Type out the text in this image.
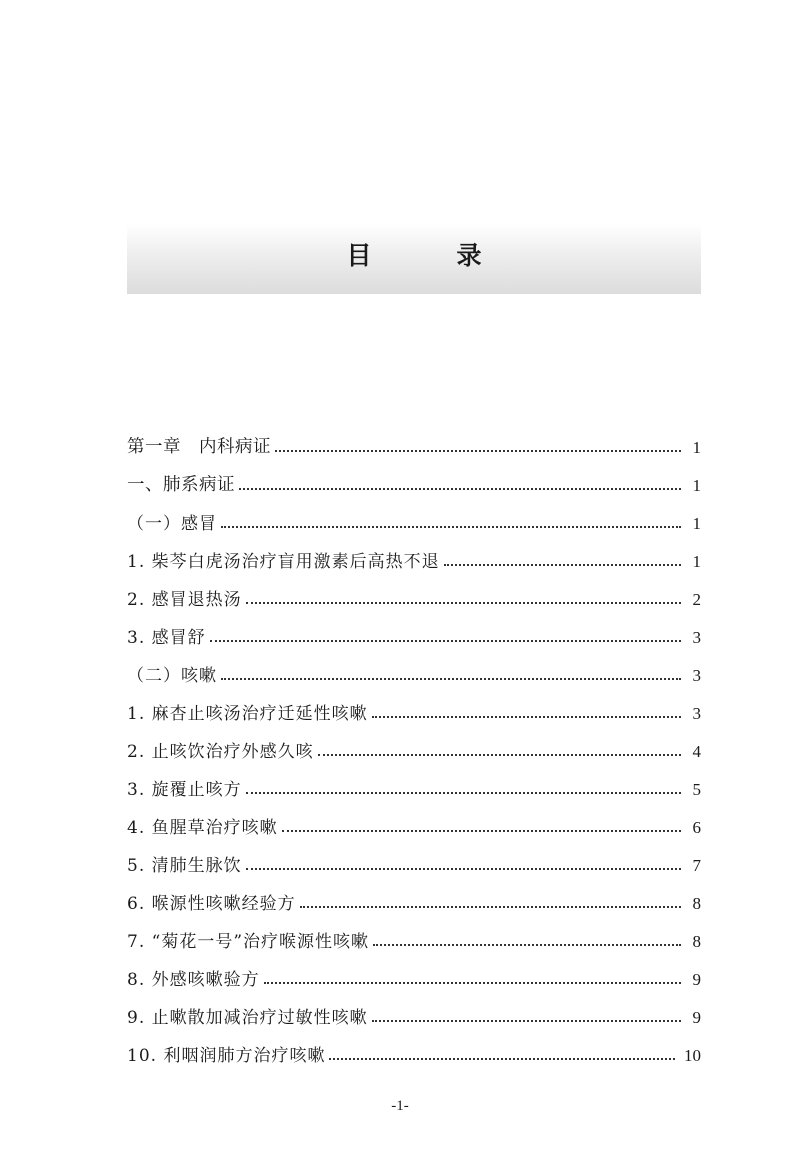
目　录
第一章　内科病证	1
一、肺系病证	1
（一）感冒	1
1. 柴芩白虎汤治疗盲用激素后高热不退	1
2. 感冒退热汤	2
3. 感冒舒	3
（二）咳嗽	3
1. 麻杏止咳汤治疗迁延性咳嗽	3
2. 止咳饮治疗外感久咳	4
3. 旋覆止咳方	5
4. 鱼腥草治疗咳嗽	6
5. 清肺生脉饮	7
6. 喉源性咳嗽经验方	8
7. “菊花一号”治疗喉源性咳嗽	8
8. 外感咳嗽验方	9
9. 止嗽散加减治疗过敏性咳嗽	9
10. 利咽润肺方治疗咳嗽	10
-1-
